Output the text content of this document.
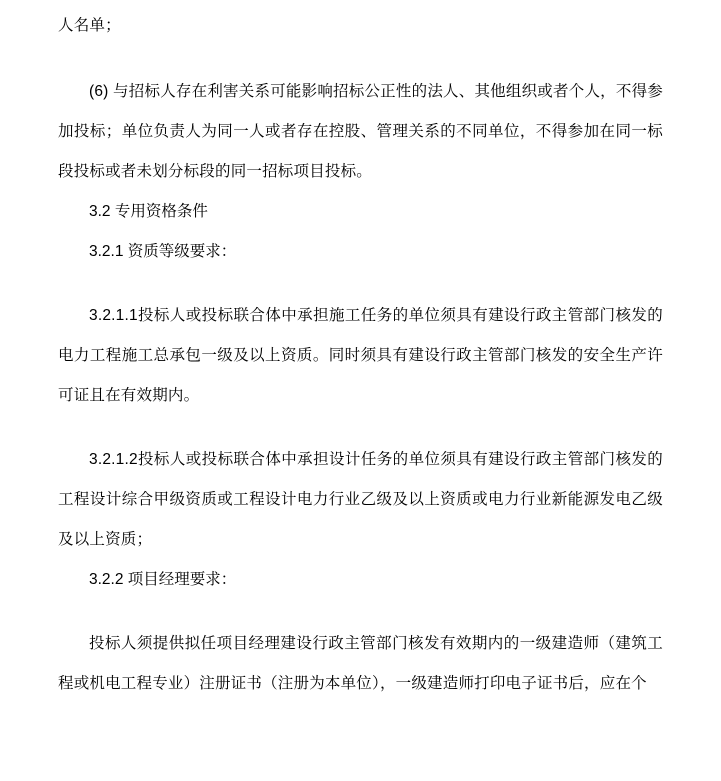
人名单；

(6) 与招标人存在利害关系可能影响招标公正性的法人、其他组织或者个人，不得参加投标；单位负责人为同一人或者存在控股、管理关系的不同单位，不得参加在同一标段投标或者未划分标段的同一招标项目投标。

3.2 专用资格条件

3.2.1 资质等级要求：

3.2.1.1投标人或投标联合体中承担施工任务的单位须具有建设行政主管部门核发的电力工程施工总承包一级及以上资质。同时须具有建设行政主管部门核发的安全生产许可证且在有效期内。

3.2.1.2投标人或投标联合体中承担设计任务的单位须具有建设行政主管部门核发的工程设计综合甲级资质或工程设计电力行业乙级及以上资质或电力行业新能源发电乙级及以上资质；

3.2.2 项目经理要求：

投标人须提供拟任项目经理建设行政主管部门核发有效期内的一级建造师（建筑工程或机电工程专业）注册证书（注册为本单位），一级建造师打印电子证书后，应在个
